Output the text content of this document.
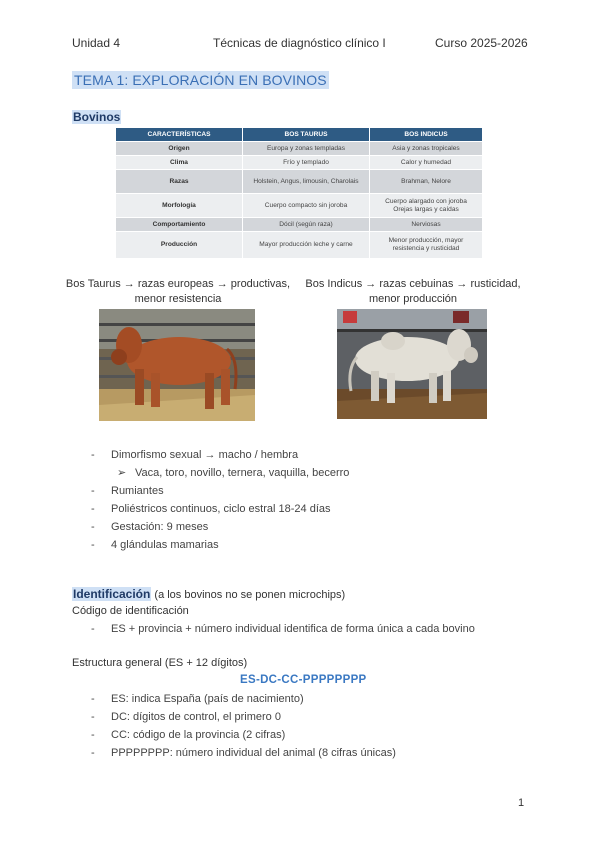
Unidad 4	Técnicas de diagnóstico clínico I	Curso 2025-2026
TEMA 1: EXPLORACIÓN EN BOVINOS
Bovinos
CARACTERÍSTICAS	BOS TAURUS	BOS INDICUS
Origen	Europa y zonas templadas	Asia y zonas tropicales
Clima	Frío y templado	Calor y humedad
Razas	Holstein, Angus, limousin, Charolais	Brahman, Nelore
Morfología	Cuerpo compacto sin joroba	Cuerpo alargado con joroba
Orejas largas y caídas
Comportamiento	Dócil (según raza)	Nerviosas
Producción	Mayor producción leche y carne	Menor producción, mayor resistencia y rusticidad
Bos Taurus → razas europeas → productivas, menor resistencia
Bos Indicus → razas cebuinas → rusticidad, menor producción
- Dimorfismo sexual → macho / hembra
➢ Vaca, toro, novillo, ternera, vaquilla, becerro
- Rumiantes
- Poliéstricos continuos, ciclo estral 18-24 días
- Gestación: 9 meses
- 4 glándulas mamarias
Identificación (a los bovinos no se ponen microchips)
Código de identificación
- ES + provincia + número individual identifica de forma única a cada bovino
Estructura general (ES + 12 dígitos)
ES-DC-CC-PPPPPPPP
- ES: indica España (país de nacimiento)
- DC: dígitos de control, el primero 0
- CC: código de la provincia (2 cifras)
- PPPPPPPP: número individual del animal (8 cifras únicas)
1
